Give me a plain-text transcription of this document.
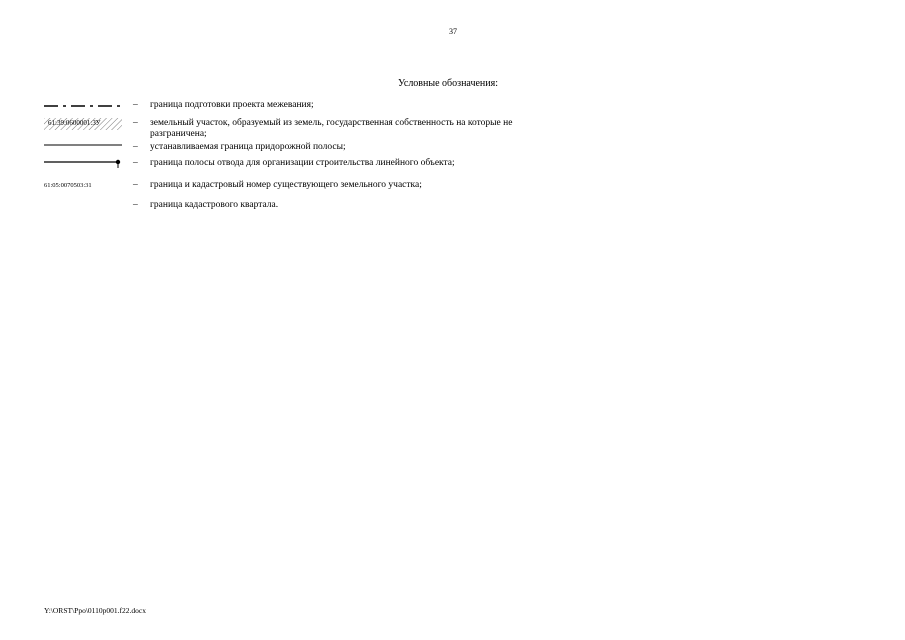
37
Условные обозначения:
– граница подготовки проекта межевания;
61:39:0600001:ЗУ	– земельный участок, образуемый из земель, государственная собственность на которые не разграничена;
– устанавливаемая граница придорожной полосы;
– граница полосы отвода для организации строительства линейного объекта;
61:05:0070503:31	– граница и кадастровый номер существующего земельного участка;
– граница кадастрового квартала.
Y:\ORST\Ppo\0110p001.f22.docx
